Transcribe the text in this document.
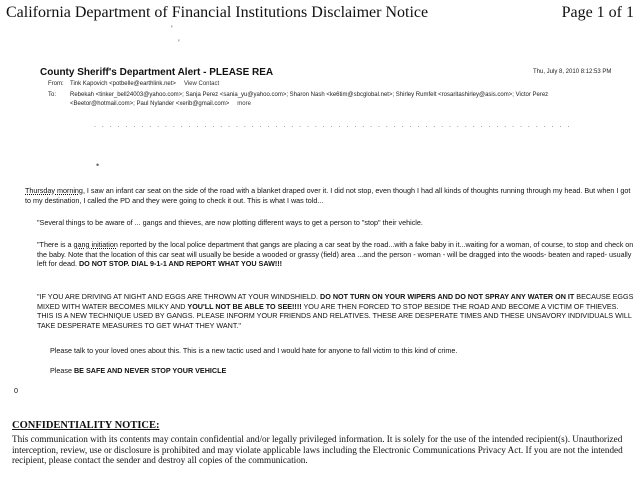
California Department of Financial Institutions Disclaimer Notice	Page 1 of 1
'
'
County Sheriff's Department Alert - PLEASE REA	Thu, July 8, 2010 8:12:53 PM
From: Tink Kapovich <potbelle@earthlink.net> View Contact
To: Rebekah <tinker_bell24003@yahoo.com>; Sanja Perez <sania_yu@yahoo.com>; Sharon Nash <ke6tim@sbcglobal.net>; Shirley Rumfelt <rosaritashirley@asis.com>; Victor Perez
<Beetor@hotmail.com>; Paul Nylander <xerib@gmail.com> more
. . . . . . . . . . . . . . . . . . . . . . . . . . . . . . . . . . . . . . . . . . . . . . . . . . . . . . . . . . . . .
•
Thursday morning, I saw an infant car seat on the side of the road with a blanket draped over it. I did not stop, even though I had all kinds of thoughts running through my head. But when I got to my destination, I called the PD and they were going to check it out. This is what I was told...
"Several things to be aware of ... gangs and thieves, are now plotting different ways to get a person to "stop" their vehicle.
"There is a gang initiation reported by the local police department that gangs are placing a car seat by the road...with a fake baby in it...waiting for a woman, of course, to stop and check on the baby. Note that the location of this car seat will usually be beside a wooded or grassy (field) area ...and the person - woman - will be dragged into the woods- beaten and raped- usually left for dead. DO NOT STOP. DIAL 9-1-1 AND REPORT WHAT YOU SAW!!!
"IF YOU ARE DRIVING AT NIGHT AND EGGS ARE THROWN AT YOUR WINDSHIELD. DO NOT TURN ON YOUR WIPERS AND DO NOT SPRAY ANY WATER ON IT BECAUSE EGGS MIXED WITH WATER BECOMES MILKY AND YOU'LL NOT BE ABLE TO SEE!!!! YOU ARE THEN FORCED TO STOP BESIDE THE ROAD AND BECOME A VICTIM OF THIEVES. THIS IS A NEW TECHNIQUE USED BY GANGS. PLEASE INFORM YOUR FRIENDS AND RELATIVES. THESE ARE DESPERATE TIMES AND THESE UNSAVORY INDIVIDUALS WILL TAKE DESPERATE MEASURES TO GET WHAT THEY WANT."
Please talk to your loved ones about this. This is a new tactic used and I would hate for anyone to fall victim to this kind of crime.
Please BE SAFE AND NEVER STOP YOUR VEHICLE
0
CONFIDENTIALITY NOTICE:
This communication with its contents may contain confidential and/or legally privileged information. It is solely for the use of the intended recipient(s). Unauthorized interception, review, use or disclosure is prohibited and may violate applicable laws including the Electronic Communications Privacy Act. If you are not the intended recipient, please contact the sender and destroy all copies of the communication.
